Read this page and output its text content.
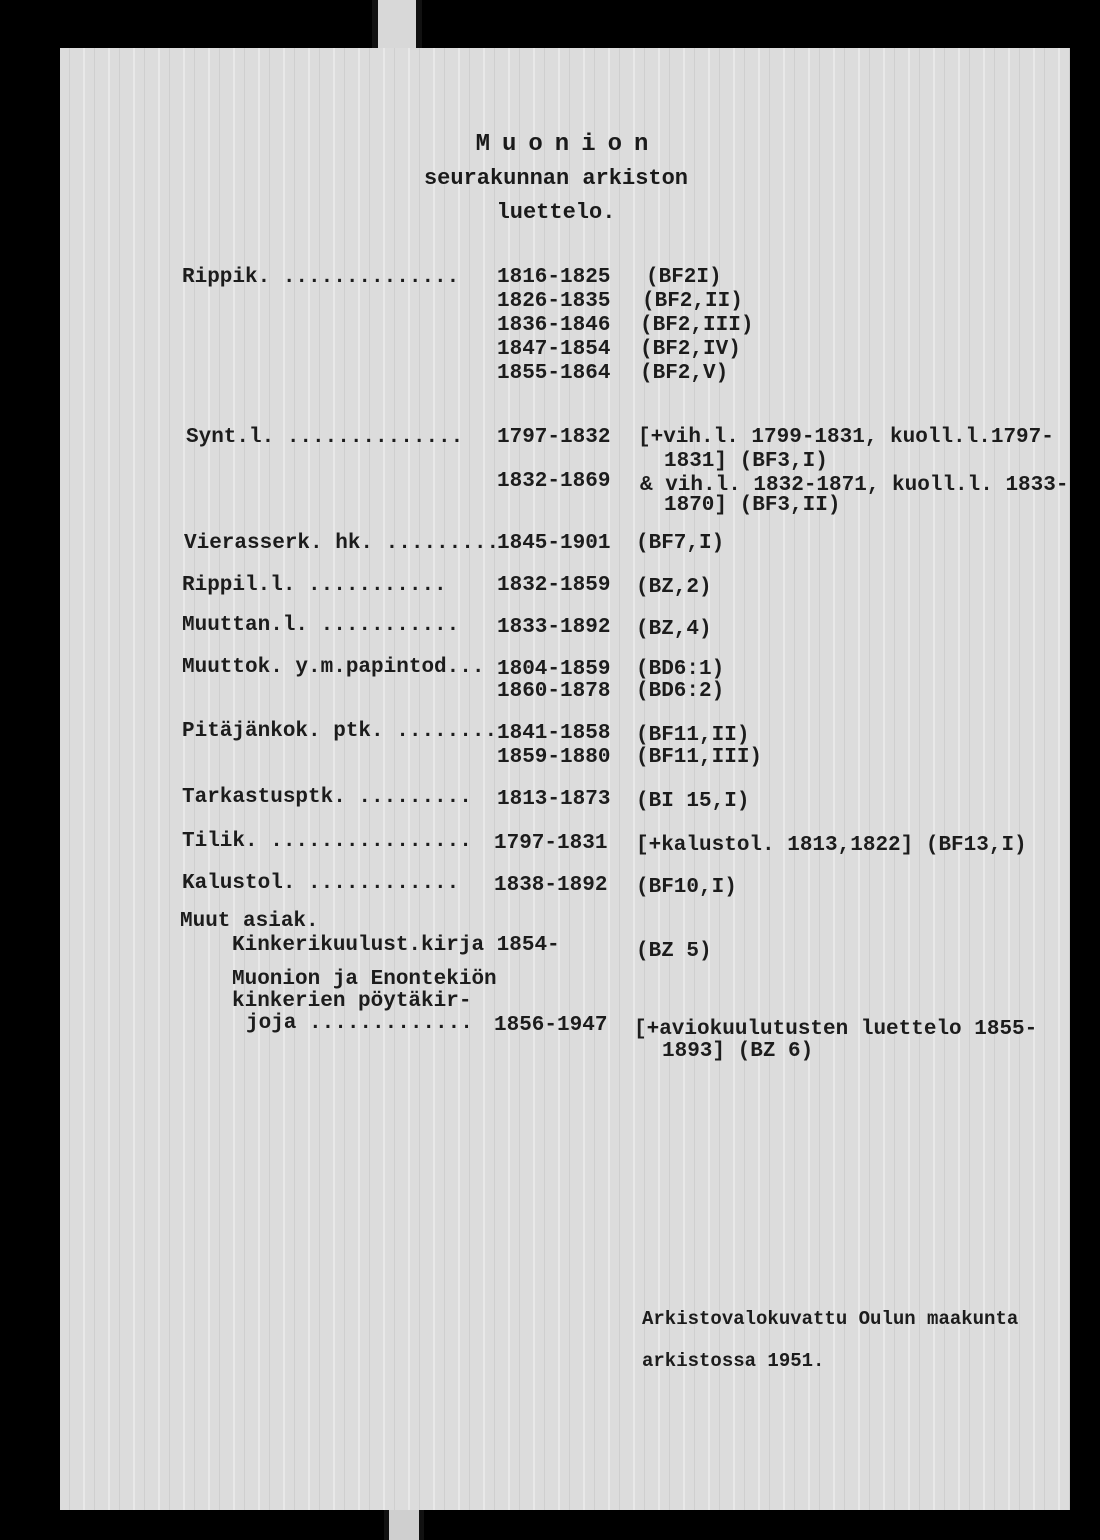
Muonion
seurakunnan arkiston
luettelo.
Rippik. .............. 1816-1825 (BF2I)
1826-1835 (BF2,II)
1836-1846 (BF2,III)
1847-1854 (BF2,IV)
1855-1864 (BF2,V)
Synt.l. .............. 1797-1832 [+vih.l. 1799-1831, kuoll.l.1797-
1831] (BF3,I)
1832-1869 & vih.l. 1832-1871, kuoll.l. 1833-
1870] (BF3,II)
Vierasserk. hk. .........
1845-1901 (BF7,I)
Rippil.l. ........... 1832-1859 (BZ,2)
Muuttan.l. ........... 1833-1892 (BZ,4)
Muuttok. y.m.papintod... 1804-1859 (BD6:1)
1860-1878 (BD6:2)
Pitäjänkok. ptk. ........ 1841-1858 (BF11,II)
1859-1880 (BF11,III)
Tarkastusptk. ......... 1813-1873 (BI 15,I)
Tilik. ................ 1797-1831 [+kalustol. 1813,1822] (BF13,I)
Kalustol. ............ 1838-1892 (BF10,I)
Muut asiak.
Kinkerikuulust.kirja 1854-	(BZ 5)
Muonion ja Enontekiön
kinkerien pöytäkir-
joja ............. 1856-1947 [+aviokuulutusten luettelo 1855-
1893] (BZ 6)
Arkistovalokuvattu Oulun maakunta
arkistossa 1951.
